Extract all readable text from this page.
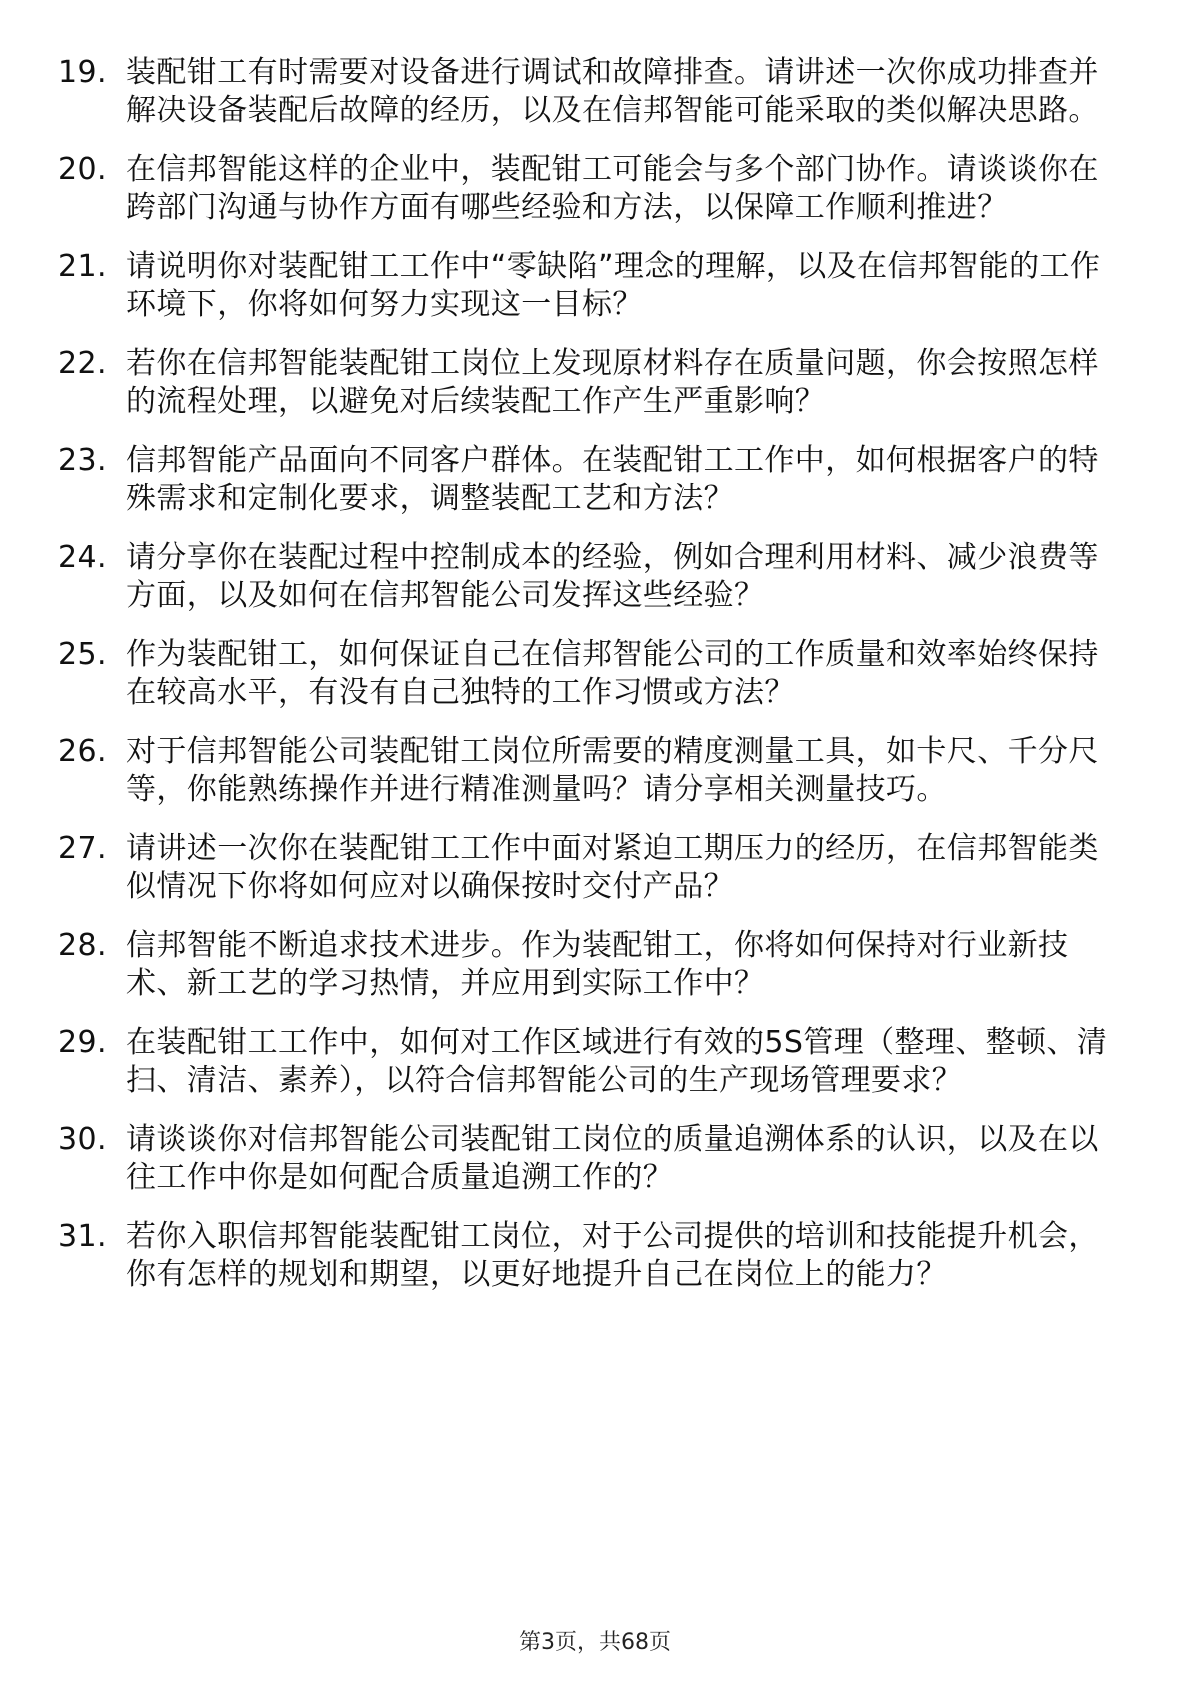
19. 装配钳工有时需要对设备进行调试和故障排查。请讲述一次你成功排查并解决设备装配后故障的经历，以及在信邦智能可能采取的类似解决思路。
20. 在信邦智能这样的企业中，装配钳工可能会与多个部门协作。请谈谈你在跨部门沟通与协作方面有哪些经验和方法，以保障工作顺利推进？
21. 请说明你对装配钳工工作中“零缺陷”理念的理解，以及在信邦智能的工作环境下，你将如何努力实现这一目标？
22. 若你在信邦智能装配钳工岗位上发现原材料存在质量问题，你会按照怎样的流程处理，以避免对后续装配工作产生严重影响？
23. 信邦智能产品面向不同客户群体。在装配钳工工作中，如何根据客户的特殊需求和定制化要求，调整装配工艺和方法？
24. 请分享你在装配过程中控制成本的经验，例如合理利用材料、减少浪费等方面，以及如何在信邦智能公司发挥这些经验？
25. 作为装配钳工，如何保证自己在信邦智能公司的工作质量和效率始终保持在较高水平，有没有自己独特的工作习惯或方法？
26. 对于信邦智能公司装配钳工岗位所需要的精度测量工具，如卡尺、千分尺等，你能熟练操作并进行精准测量吗？请分享相关测量技巧。
27. 请讲述一次你在装配钳工工作中面对紧迫工期压力的经历，在信邦智能类似情况下你将如何应对以确保按时交付产品？
28. 信邦智能不断追求技术进步。作为装配钳工，你将如何保持对行业新技术、新工艺的学习热情，并应用到实际工作中？
29. 在装配钳工工作中，如何对工作区域进行有效的5S管理（整理、整顿、清扫、清洁、素养），以符合信邦智能公司的生产现场管理要求？
30. 请谈谈你对信邦智能公司装配钳工岗位的质量追溯体系的认识，以及在以往工作中你是如何配合质量追溯工作的？
31. 若你入职信邦智能装配钳工岗位，对于公司提供的培训和技能提升机会，你有怎样的规划和期望，以更好地提升自己在岗位上的能力？
第3页，共68页
